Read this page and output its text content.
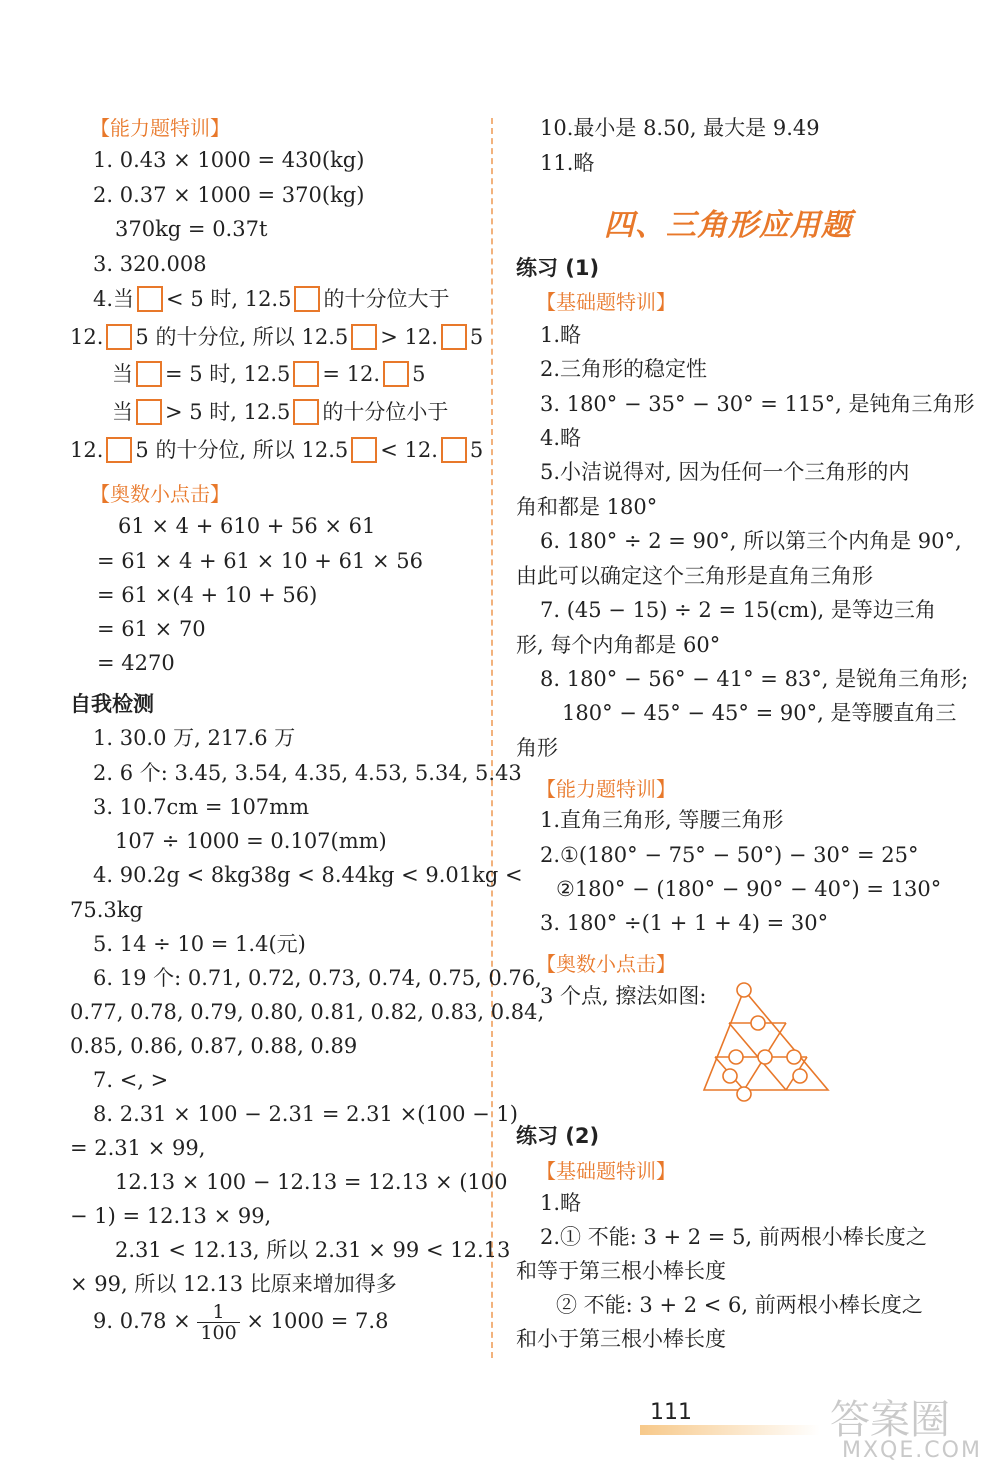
【能力题特训】
1. 0.43 × 1000 = 430(kg)
2. 0.37 × 1000 = 370(kg)
370kg = 0.37t
3. 320.008
4.当 < 5 时, 12.5 的十分位大于
12. 5 的十分位, 所以 12.5 > 12. 5
当 = 5 时, 12.5 = 12. 5
当 > 5 时, 12.5 的十分位小于
12. 5 的十分位, 所以 12.5 < 12. 5
【奥数小点击】
61 × 4 + 610 + 56 × 61
= 61 × 4 + 61 × 10 + 61 × 56
= 61 ×(4 + 10 + 56)
= 61 × 70
= 4270
自我检测
1. 30.0 万, 217.6 万
2. 6 个: 3.45, 3.54, 4.35, 4.53, 5.34, 5.43
3. 10.7cm = 107mm
107 ÷ 1000 = 0.107(mm)
4. 90.2g < 8kg38g < 8.44kg < 9.01kg <
75.3kg
5. 14 ÷ 10 = 1.4(元)
6. 19 个: 0.71, 0.72, 0.73, 0.74, 0.75, 0.76,
0.77, 0.78, 0.79, 0.80, 0.81, 0.82, 0.83, 0.84,
0.85, 0.86, 0.87, 0.88, 0.89
7. <, >
8. 2.31 × 100 − 2.31 = 2.31 ×(100 − 1)
= 2.31 × 99,
12.13 × 100 − 12.13 = 12.13 × (100
− 1) = 12.13 × 99,
2.31 < 12.13, 所以 2.31 × 99 < 12.13
× 99, 所以 12.13 比原来增加得多
9. $0.78 \times \frac{1}{100} \times 1000 = 7.8$
10.最小是 8.50, 最大是 9.49
11.略
四、三角形应用题
练习 (1)
【基础题特训】
1.略
2.三角形的稳定性
3. 180° − 35° − 30° = 115°, 是钝角三角形
4.略
5.小洁说得对, 因为任何一个三角形的内
角和都是 180°
6. 180° ÷ 2 = 90°, 所以第三个内角是 90°,
由此可以确定这个三角形是直角三角形
7. (45 − 15) ÷ 2 = 15(cm), 是等边三角
形, 每个内角都是 60°
8. 180° − 56° − 41° = 83°, 是锐角三角形;
180° − 45° − 45° = 90°, 是等腰直角三
角形
【能力题特训】
1.直角三角形, 等腰三角形
2.①(180° − 75° − 50°) − 30° = 25°
②180° − (180° − 90° − 40°) = 130°
3. 180° ÷(1 + 1 + 4) = 30°
【奥数小点击】
3 个点, 擦法如图:
练习 (2)
【基础题特训】
1.略
2.① 不能: 3 + 2 = 5, 前两根小棒长度之
和等于第三根小棒长度
② 不能: 3 + 2 < 6, 前两根小棒长度之
和小于第三根小棒长度
111	答案圈
MXQE.COM
